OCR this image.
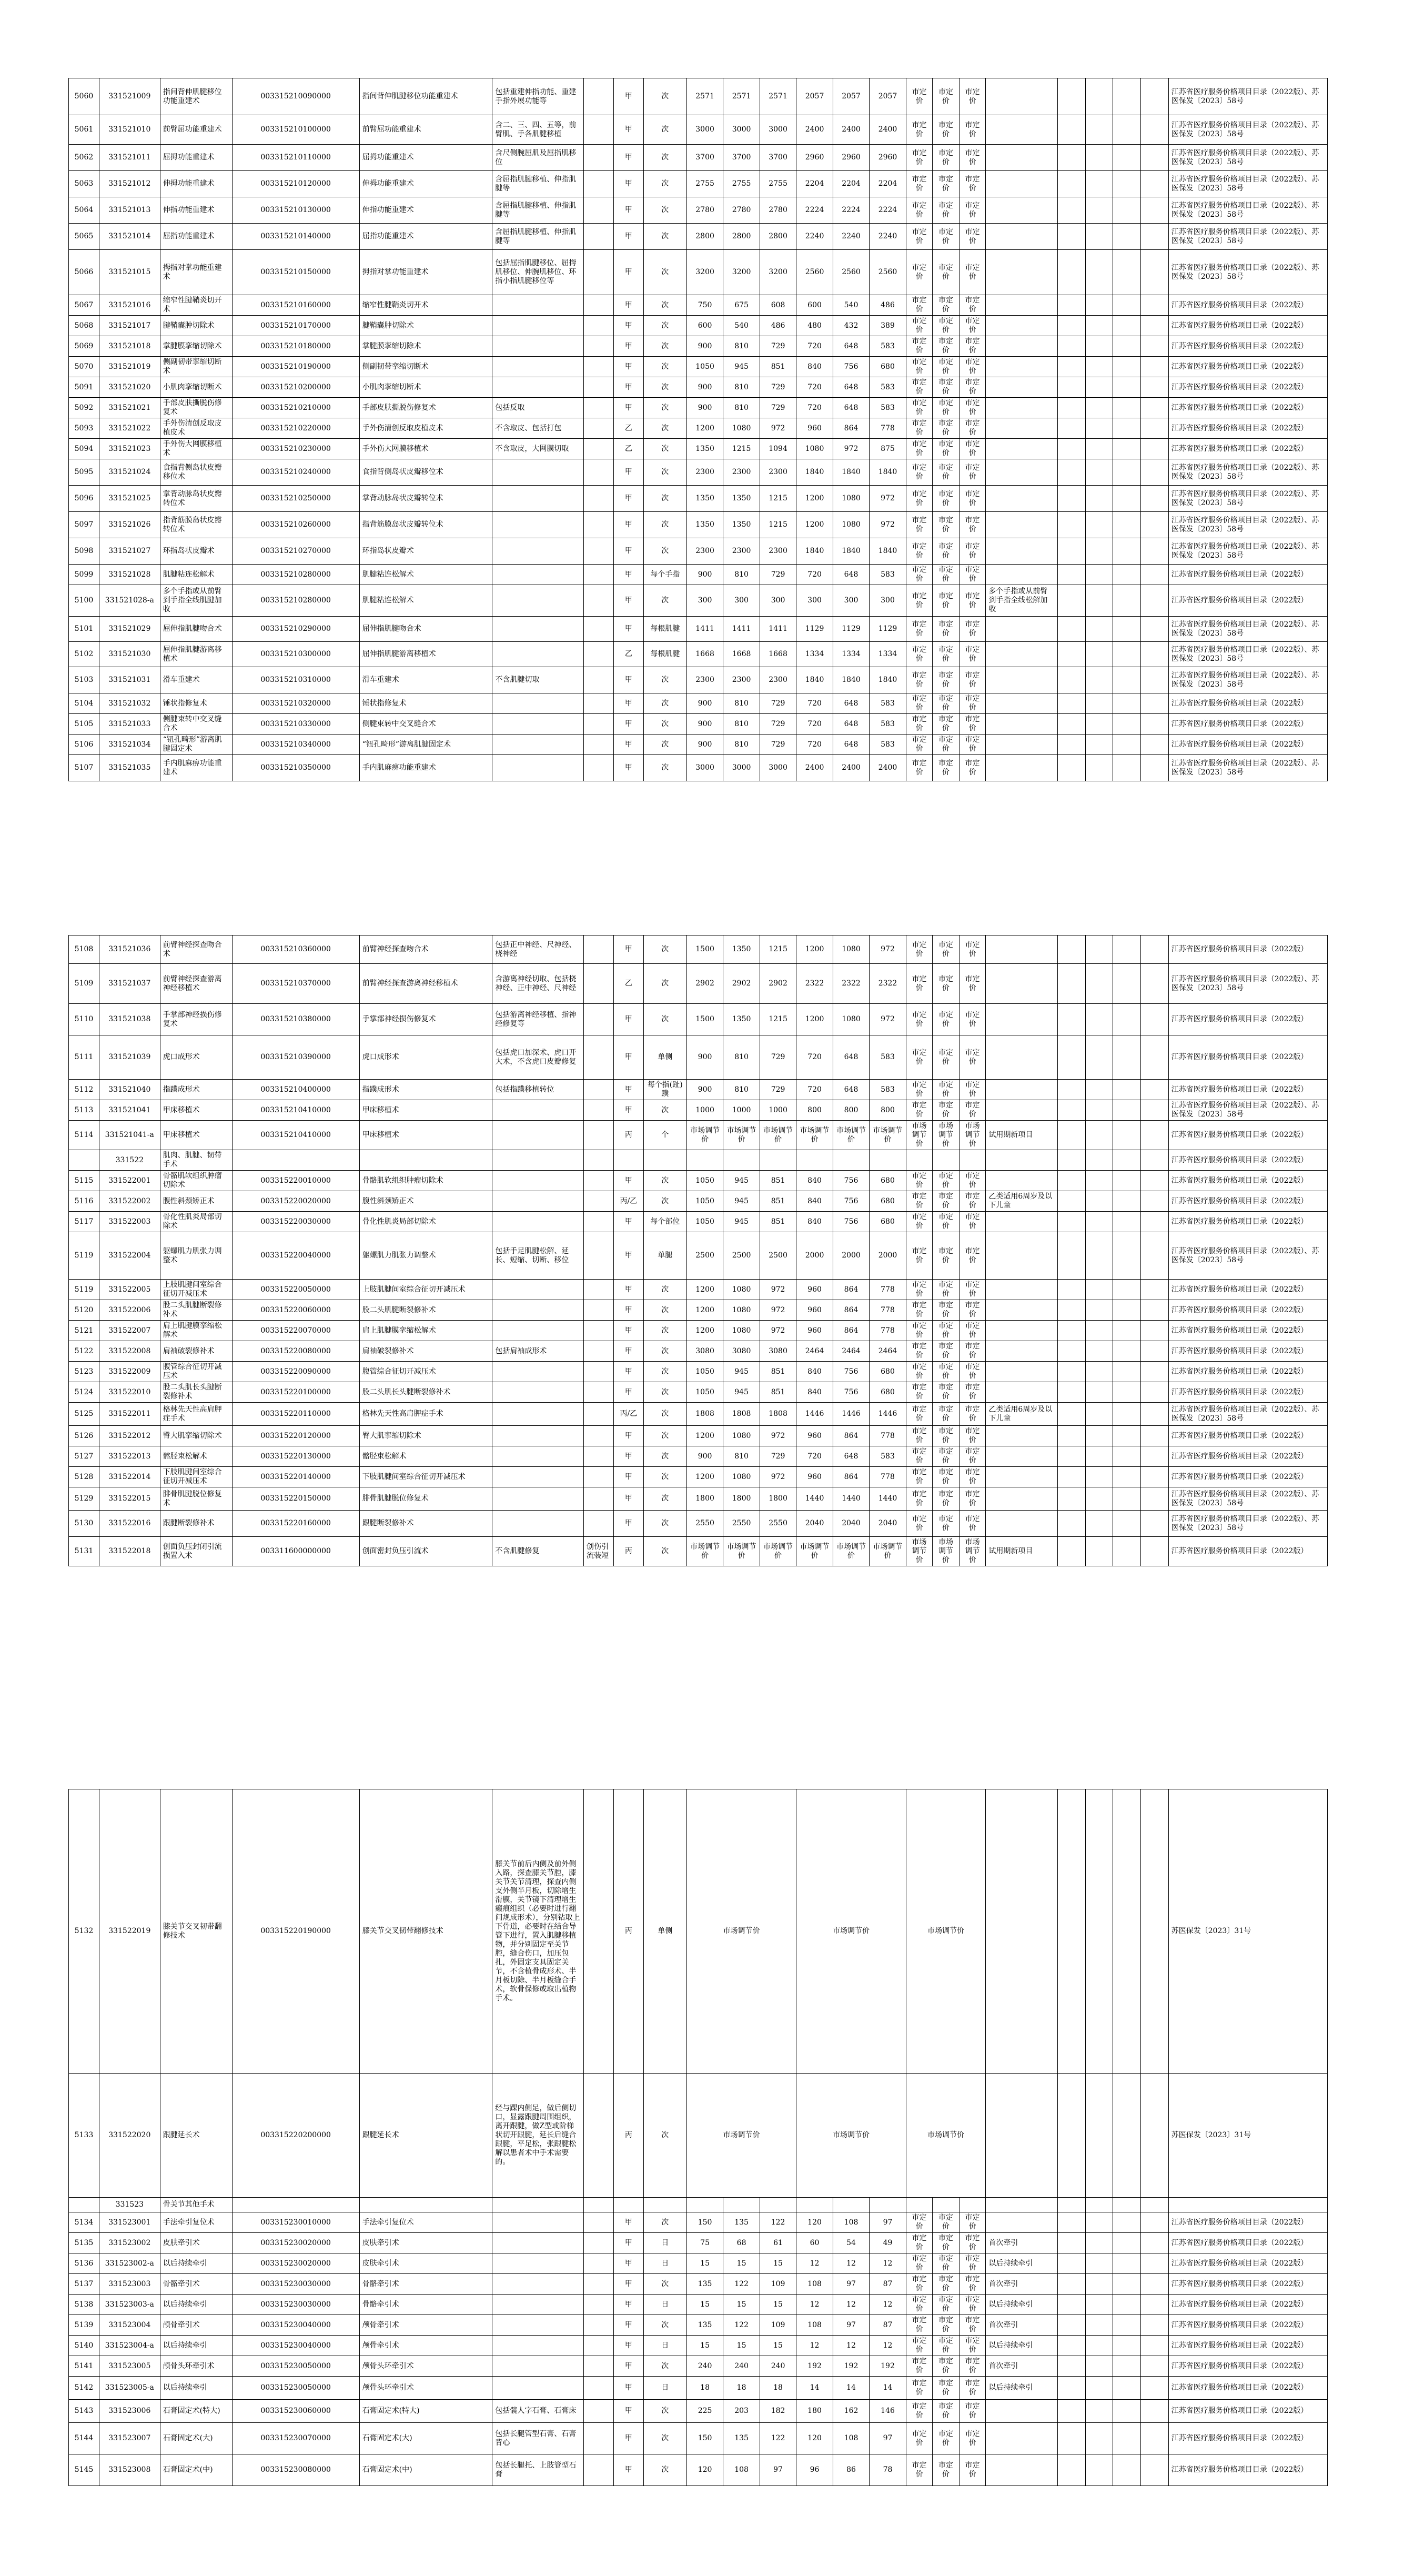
5060	331521009	指间背伸肌腱移位功能重建术	003315210090000	指间背伸肌腱移位功能重建术	包括重建伸指功能、重建手指外展功能等		甲	次	2571	2571	2571	2057	2057	2057	市定价	市定价	市定价						江苏省医疗服务价格项目目录（2022版）、苏医保发〔2023〕58号
5061	331521010	前臂屈功能重建术	003315210100000	前臂屈功能重建术	含二、三、四、五等，前臂肌、手各肌腱移植		甲	次	3000	3000	3000	2400	2400	2400	市定价	市定价	市定价						江苏省医疗服务价格项目目录（2022版）、苏医保发〔2023〕58号
5062	331521011	屈拇功能重建术	003315210110000	屈拇功能重建术	含尺侧腕屈肌及屈指肌移位		甲	次	3700	3700	3700	2960	2960	2960	市定价	市定价	市定价						江苏省医疗服务价格项目目录（2022版）、苏医保发〔2023〕58号
5063	331521012	伸拇功能重建术	003315210120000	伸拇功能重建术	含屈指肌腱移植、伸指肌腱等		甲	次	2755	2755	2755	2204	2204	2204	市定价	市定价	市定价						江苏省医疗服务价格项目目录（2022版）、苏医保发〔2023〕58号
5064	331521013	伸指功能重建术	003315210130000	伸指功能重建术	含屈指肌腱移植、伸指肌腱等		甲	次	2780	2780	2780	2224	2224	2224	市定价	市定价	市定价						江苏省医疗服务价格项目目录（2022版）、苏医保发〔2023〕58号
5065	331521014	屈指功能重建术	003315210140000	屈指功能重建术	含屈指肌腱移植、伸指肌腱等		甲	次	2800	2800	2800	2240	2240	2240	市定价	市定价	市定价						江苏省医疗服务价格项目目录（2022版）、苏医保发〔2023〕58号
5066	331521015	拇指对掌功能重建术	003315210150000	拇指对掌功能重建术	包括屈指肌腱移位、屈拇肌移位、伸腕肌移位、环指小指肌腱移位等		甲	次	3200	3200	3200	2560	2560	2560	市定价	市定价	市定价						江苏省医疗服务价格项目目录（2022版）、苏医保发〔2023〕58号
5067	331521016	缩窄性腱鞘炎切开术	003315210160000	缩窄性腱鞘炎切开术			甲	次	750	675	608	600	540	486	市定价	市定价	市定价						江苏省医疗服务价格项目目录（2022版）
5068	331521017	腱鞘囊肿切除术	003315210170000	腱鞘囊肿切除术			甲	次	600	540	486	480	432	389	市定价	市定价	市定价						江苏省医疗服务价格项目目录（2022版）
5069	331521018	掌腱膜挛缩切除术	003315210180000	掌腱膜挛缩切除术			甲	次	900	810	729	720	648	583	市定价	市定价	市定价						江苏省医疗服务价格项目目录（2022版）
5070	331521019	侧副韧带挛缩切断术	003315210190000	侧副韧带挛缩切断术			甲	次	1050	945	851	840	756	680	市定价	市定价	市定价						江苏省医疗服务价格项目目录（2022版）
5091	331521020	小肌肉挛缩切断术	003315210200000	小肌肉挛缩切断术			甲	次	900	810	729	720	648	583	市定价	市定价	市定价						江苏省医疗服务价格项目目录（2022版）
5092	331521021	手部皮肤撕脱伤修复术	003315210210000	手部皮肤撕脱伤修复术	包括反取		甲	次	900	810	729	720	648	583	市定价	市定价	市定价						江苏省医疗服务价格项目目录（2022版）
5093	331521022	手外伤清创反取皮植皮术	003315210220000	手外伤清创反取皮植皮术	不含取皮、包括打包		乙	次	1200	1080	972	960	864	778	市定价	市定价	市定价						江苏省医疗服务价格项目目录（2022版）
5094	331521023	手外伤大网膜移植术	003315210230000	手外伤大网膜移植术	不含取皮，大网膜切取		乙	次	1350	1215	1094	1080	972	875	市定价	市定价	市定价						江苏省医疗服务价格项目目录（2022版）
5095	331521024	食指背侧岛状皮瓣移位术	003315210240000	食指背侧岛状皮瓣移位术			甲	次	2300	2300	2300	1840	1840	1840	市定价	市定价	市定价						江苏省医疗服务价格项目目录（2022版）、苏医保发〔2023〕58号
5096	331521025	掌背动脉岛状皮瓣转位术	003315210250000	掌背动脉岛状皮瓣转位术			甲	次	1350	1350	1215	1200	1080	972	市定价	市定价	市定价						江苏省医疗服务价格项目目录（2022版）、苏医保发〔2023〕58号
5097	331521026	指背筋膜岛状皮瓣转位术	003315210260000	指背筋膜岛状皮瓣转位术			甲	次	1350	1350	1215	1200	1080	972	市定价	市定价	市定价						江苏省医疗服务价格项目目录（2022版）、苏医保发〔2023〕58号
5098	331521027	环指岛状皮瓣术	003315210270000	环指岛状皮瓣术			甲	次	2300	2300	2300	1840	1840	1840	市定价	市定价	市定价						江苏省医疗服务价格项目目录（2022版）、苏医保发〔2023〕58号
5099	331521028	肌腱粘连松解术	003315210280000	肌腱粘连松解术			甲	每个手指	900	810	729	720	648	583	市定价	市定价	市定价						江苏省医疗服务价格项目目录（2022版）
5100	331521028-a	多个手指或从前臂到手指全线肌腱加收	003315210280000	肌腱粘连松解术			甲	次	300	300	300	300	300	300	市定价	市定价	市定价	多个手指或从前臂到手指全线松解加收					江苏省医疗服务价格项目目录（2022版）
5101	331521029	屈伸指肌腱吻合术	003315210290000	屈伸指肌腱吻合术			甲	每根肌腱	1411	1411	1411	1129	1129	1129	市定价	市定价	市定价						江苏省医疗服务价格项目目录（2022版）、苏医保发〔2023〕58号
5102	331521030	屈伸指肌腱游离移植术	003315210300000	屈伸指肌腱游离移植术			乙	每根肌腱	1668	1668	1668	1334	1334	1334	市定价	市定价	市定价						江苏省医疗服务价格项目目录（2022版）、苏医保发〔2023〕58号
5103	331521031	滑车重建术	003315210310000	滑车重建术	不含肌腱切取		甲	次	2300	2300	2300	1840	1840	1840	市定价	市定价	市定价						江苏省医疗服务价格项目目录（2022版）、苏医保发〔2023〕58号
5104	331521032	锤状指修复术	003315210320000	锤状指修复术			甲	次	900	810	729	720	648	583	市定价	市定价	市定价						江苏省医疗服务价格项目目录（2022版）
5105	331521033	侧腱束转中交叉缝合术	003315210330000	侧腱束转中交叉缝合术			甲	次	900	810	729	720	648	583	市定价	市定价	市定价						江苏省医疗服务价格项目目录（2022版）
5106	331521034	“钮孔畸形”游离肌腱固定术	003315210340000	“钮孔畸形”游离肌腱固定术			甲	次	900	810	729	720	648	583	市定价	市定价	市定价						江苏省医疗服务价格项目目录（2022版）
5107	331521035	手内肌麻痹功能重建术	003315210350000	手内肌麻痹功能重建术			甲	次	3000	3000	3000	2400	2400	2400	市定价	市定价	市定价						江苏省医疗服务价格项目目录（2022版）、苏医保发〔2023〕58号
5108	331521036	前臂神经探查吻合术	003315210360000	前臂神经探查吻合术	包括正中神经、尺神经、桡神经		甲	次	1500	1350	1215	1200	1080	972	市定价	市定价	市定价						江苏省医疗服务价格项目目录（2022版）
5109	331521037	前臂神经探查游离神经移植术	003315210370000	前臂神经探查游离神经移植术	含游离神经切取、包括桡神经、正中神经、尺神经		乙	次	2902	2902	2902	2322	2322	2322	市定价	市定价	市定价						江苏省医疗服务价格项目目录（2022版）、苏医保发〔2023〕58号
5110	331521038	手掌部神经损伤修复术	003315210380000	手掌部神经损伤修复术	包括游离神经移植、指神经修复等		甲	次	1500	1350	1215	1200	1080	972	市定价	市定价	市定价						江苏省医疗服务价格项目目录（2022版）
5111	331521039	虎口成形术	003315210390000	虎口成形术	包括虎口加深术、虎口开大术，不含虎口皮瓣修复		甲	单侧	900	810	729	720	648	583	市定价	市定价	市定价						江苏省医疗服务价格项目目录（2022版）
5112	331521040	指蹼成形术	003315210400000	指蹼成形术	包括指蹼移植转位		甲	每个指(趾)蹼	900	810	729	720	648	583	市定价	市定价	市定价						江苏省医疗服务价格项目目录（2022版）
5113	331521041	甲床移植术	003315210410000	甲床移植术			甲	次	1000	1000	1000	800	800	800	市定价	市定价	市定价						江苏省医疗服务价格项目目录（2022版）、苏医保发〔2023〕58号
5114	331521041-a	甲床移植术	003315210410000	甲床移植术			丙	个	市场调节价	市场调节价	市场调节价	市场调节价	市场调节价	市场调节价	市场调节价	市场调节价	市场调节价	试用期新项目					江苏省医疗服务价格项目目录（2022版）
	331522	肌肉、肌腱、韧带手术																					江苏省医疗服务价格项目目录（2022版）
5115	331522001	骨骼肌软组织肿瘤切除术	003315220010000	骨骼肌软组织肿瘤切除术			甲	次	1050	945	851	840	756	680	市定价	市定价	市定价						江苏省医疗服务价格项目目录（2022版）
5116	331522002	腹性斜颈矫正术	003315220020000	腹性斜颈矫正术			丙/乙	次	1050	945	851	840	756	680	市定价	市定价	市定价	乙类适用6周岁及以下儿童					江苏省医疗服务价格项目目录（2022版）
5117	331522003	骨化性肌炎局部切除术	003315220030000	骨化性肌炎局部切除术			甲	每个部位	1050	945	851	840	756	680	市定价	市定价	市定价						江苏省医疗服务价格项目目录（2022版）
5119	331522004	躯螺肌力肌张力调整术	003315220040000	躯螺肌力肌张力调整术	包括手足肌腱松解、延长、短缩、切断、移位		甲	单腿	2500	2500	2500	2000	2000	2000	市定价	市定价	市定价						江苏省医疗服务价格项目目录（2022版）、苏医保发〔2023〕58号
5119	331522005	上肢肌腱间室综合征切开减压术	003315220050000	上肢肌腱间室综合征切开减压术			甲	次	1200	1080	972	960	864	778	市定价	市定价	市定价						江苏省医疗服务价格项目目录（2022版）
5120	331522006	股二头肌腱断裂修补术	003315220060000	股二头肌腱断裂修补术			甲	次	1200	1080	972	960	864	778	市定价	市定价	市定价						江苏省医疗服务价格项目目录（2022版）
5121	331522007	肩上肌腱膜挛缩松解术	003315220070000	肩上肌腱膜挛缩松解术			甲	次	1200	1080	972	960	864	778	市定价	市定价	市定价						江苏省医疗服务价格项目目录（2022版）
5122	331522008	肩袖破裂修补术	003315220080000	肩袖破裂修补术	包括肩袖成形术		甲	次	3080	3080	3080	2464	2464	2464	市定价	市定价	市定价						江苏省医疗服务价格项目目录（2022版）
5123	331522009	腹管综合征切开减压术	003315220090000	腹管综合征切开减压术			甲	次	1050	945	851	840	756	680	市定价	市定价	市定价						江苏省医疗服务价格项目目录（2022版）
5124	331522010	股二头肌长头腱断裂修补术	003315220100000	股二头肌长头腱断裂修补术			甲	次	1050	945	851	840	756	680	市定价	市定价	市定价						江苏省医疗服务价格项目目录（2022版）
5125	331522011	格林先天性高肩胛症手术	003315220110000	格林先天性高肩胛症手术			丙/乙	次	1808	1808	1808	1446	1446	1446	市定价	市定价	市定价	乙类适用6周岁及以下儿童					江苏省医疗服务价格项目目录（2022版）、苏医保发〔2023〕58号
5126	331522012	臀大肌挛缩切除术	003315220120000	臀大肌挛缩切除术			甲	次	1200	1080	972	960	864	778	市定价	市定价	市定价						江苏省医疗服务价格项目目录（2022版）
5127	331522013	髂胫束松解术	003315220130000	髂胫束松解术			甲	次	900	810	729	720	648	583	市定价	市定价	市定价						江苏省医疗服务价格项目目录（2022版）
5128	331522014	下肢肌腱间室综合征切开减压术	003315220140000	下肢肌腱间室综合征切开减压术			甲	次	1200	1080	972	960	864	778	市定价	市定价	市定价						江苏省医疗服务价格项目目录（2022版）
5129	331522015	腓骨肌腱脱位修复术	003315220150000	腓骨肌腱脱位修复术			甲	次	1800	1800	1800	1440	1440	1440	市定价	市定价	市定价						江苏省医疗服务价格项目目录（2022版）、苏医保发〔2023〕58号
5130	331522016	跟腱断裂修补术	003315220160000	跟腱断裂修补术			甲	次	2550	2550	2550	2040	2040	2040	市定价	市定价	市定价						江苏省医疗服务价格项目目录（2022版）、苏医保发〔2023〕58号
5131	331522018	创面负压封闭引流损置入术	003311600000000	创面密封负压引流术	不含肌腱修复	创伤引流装短	丙	次	市场调节价	市场调节价	市场调节价	市场调节价	市场调节价	市场调节价	市场调节价	市场调节价	市场调节价	试用期新项目					江苏省医疗服务价格项目目录（2022版）
5132	331522019	膝关节交叉韧带翻修技术	003315220190000	膝关节交叉韧带翻修技术	膝关节前后内侧及前外侧入路，探查膝关节腔，膝关节关节清理，探查内侧支外侧半月板，切除增生滑膜，关节镜下清理增生瘢痕组织（必要时进行翻问规成形术），分别钻取上下骨道，必要时在结合导管下进行，置入肌腱移植物，并分别固定至关节腔，缝合伤口，加压包扎，外固定支具固定关节，不含植骨成形术、半月板切除、半月板缝合手术，软骨保修或取出植物手术。		丙	单侧	市场调节价			市场调节价			市场调节价								苏医保发〔2023〕31号
5133	331522020	跟腱延长术	003315220200000	跟腱延长术	经与踝内侧足，做后侧切口，显露跟腱周围组织，离开跟腱，做Z型或阶梯状切开跟腱，延长后缝合跟腱，平足松，张跟腱松解以患者术中手术需要的。		丙	次	市场调节价			市场调节价			市场调节价								苏医保发〔2023〕31号
	331523	骨关节其他手术																					
5134	331523001	手法牵引复位术	003315230010000	手法牵引复位术			甲	次	150	135	122	120	108	97	市定价	市定价	市定价						江苏省医疗服务价格项目目录（2022版）
5135	331523002	皮肤牵引术	003315230020000	皮肤牵引术			甲	日	75	68	61	60	54	49	市定价	市定价	市定价	首次牵引					江苏省医疗服务价格项目目录（2022版）
5136	331523002-a	以后持续牵引	003315230020000	皮肤牵引术			甲	日	15	15	15	12	12	12	市定价	市定价	市定价	以后持续牵引					江苏省医疗服务价格项目目录（2022版）
5137	331523003	骨骼牵引术	003315230030000	骨骼牵引术			甲	次	135	122	109	108	97	87	市定价	市定价	市定价	首次牵引					江苏省医疗服务价格项目目录（2022版）
5138	331523003-a	以后持续牵引	003315230030000	骨骼牵引术			甲	日	15	15	15	12	12	12	市定价	市定价	市定价	以后持续牵引					江苏省医疗服务价格项目目录（2022版）
5139	331523004	颅骨牵引术	003315230040000	颅骨牵引术			甲	次	135	122	109	108	97	87	市定价	市定价	市定价	首次牵引					江苏省医疗服务价格项目目录（2022版）
5140	331523004-a	以后持续牵引	003315230040000	颅骨牵引术			甲	日	15	15	15	12	12	12	市定价	市定价	市定价	以后持续牵引					江苏省医疗服务价格项目目录（2022版）
5141	331523005	颅骨头环牵引术	003315230050000	颅骨头环牵引术			甲	次	240	240	240	192	192	192	市定价	市定价	市定价	首次牵引					江苏省医疗服务价格项目目录（2022版）
5142	331523005-a	以后持续牵引	003315230050000	颅骨头环牵引术			甲	日	18	18	18	14	14	14	市定价	市定价	市定价	以后持续牵引					江苏省医疗服务价格项目目录（2022版）
5143	331523006	石膏固定术(特大)	003315230060000	石膏固定术(特大)	包括髋人字石膏、石膏床		甲	次	225	203	182	180	162	146	市定价	市定价	市定价						江苏省医疗服务价格项目目录（2022版）
5144	331523007	石膏固定术(大)	003315230070000	石膏固定术(大)	包括长腿管型石膏、石膏背心		甲	次	150	135	122	120	108	97	市定价	市定价	市定价						江苏省医疗服务价格项目目录（2022版）
5145	331523008	石膏固定术(中)	003315230080000	石膏固定术(中)	包括长腿托、上肢管型石膏		甲	次	120	108	97	96	86	78	市定价	市定价	市定价						江苏省医疗服务价格项目目录（2022版）
